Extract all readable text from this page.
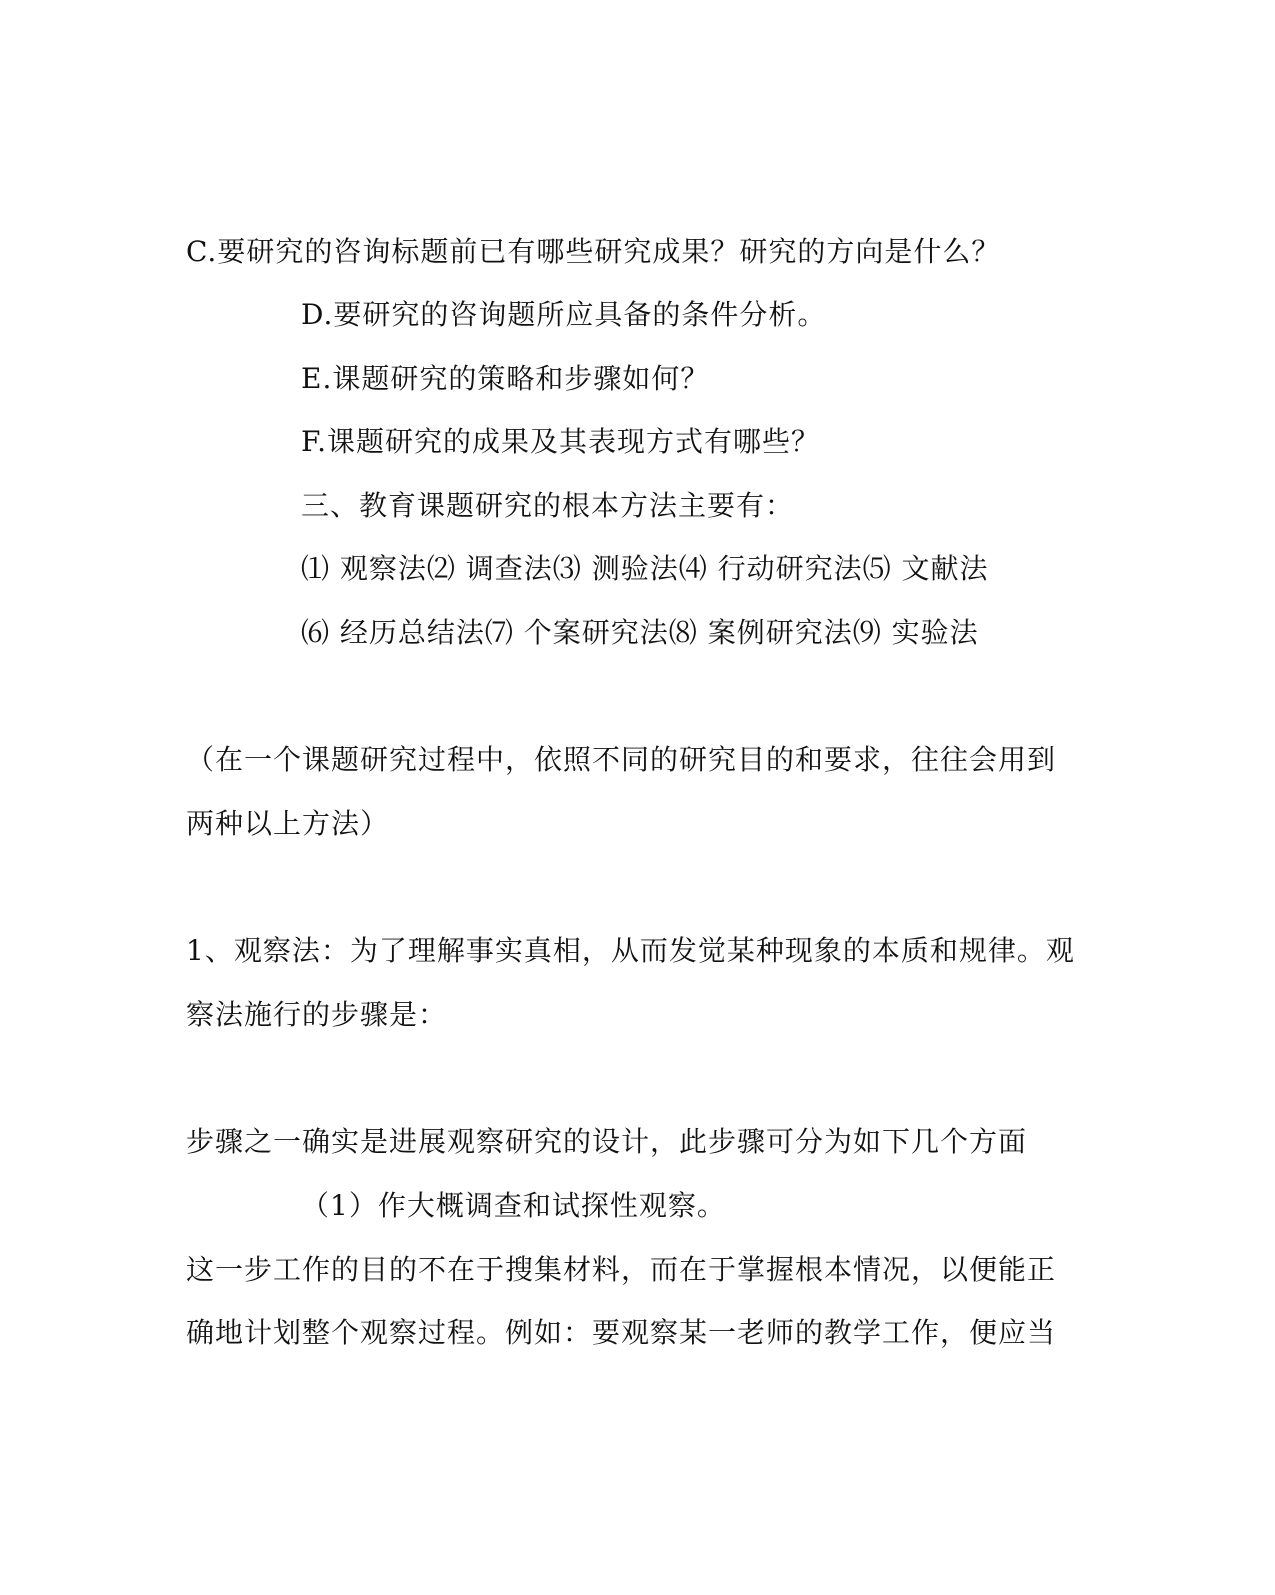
C.要研究的咨询标题前已有哪些研究成果？研究的方向是什么？
D.要研究的咨询题所应具备的条件分析。
E.课题研究的策略和步骤如何？
F.课题研究的成果及其表现方式有哪些？
三、教育课题研究的根本方法主要有：
⑴ 观察法⑵ 调查法⑶ 测验法⑷ 行动研究法⑸ 文献法
⑹ 经历总结法⑺ 个案研究法⑻ 案例研究法⑼ 实验法
（在一个课题研究过程中，依照不同的研究目的和要求，往往会用到
两种以上方法）
1、观察法：为了理解事实真相，从而发觉某种现象的本质和规律。观
察法施行的步骤是：
步骤之一确实是进展观察研究的设计，此步骤可分为如下几个方面
（1）作大概调查和试探性观察。
这一步工作的目的不在于搜集材料，而在于掌握根本情况，以便能正
确地计划整个观察过程。例如：要观察某一老师的教学工作，便应当
